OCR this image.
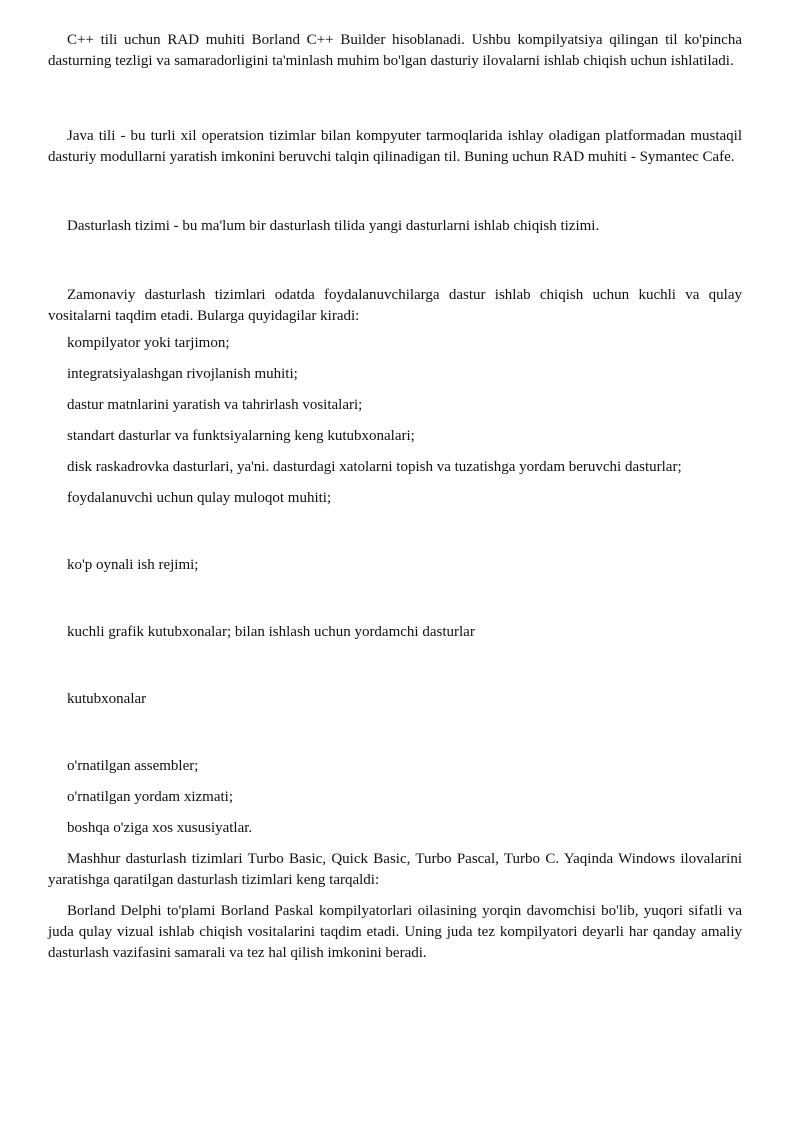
C++ tili uchun RAD muhiti Borland C++ Builder hisoblanadi. Ushbu kompilyatsiya qilingan til ko'pincha dasturning tezligi va samaradorligini ta'minlash muhim bo'lgan dasturiy ilovalarni ishlab chiqish uchun ishlatiladi.

Java tili - bu turli xil operatsion tizimlar bilan kompyuter tarmoqlarida ishlay oladigan platformadan mustaqil dasturiy modullarni yaratish imkonini beruvchi talqin qilinadigan til. Buning uchun RAD muhiti - Symantec Cafe.

Dasturlash tizimi - bu ma'lum bir dasturlash tilida yangi dasturlarni ishlab chiqish tizimi.

Zamonaviy dasturlash tizimlari odatda foydalanuvchilarga dastur ishlab chiqish uchun kuchli va qulay vositalarni taqdim etadi. Bularga quyidagilar kiradi:

kompilyator yoki tarjimon;
integratsiyalashgan rivojlanish muhiti;
dastur matnlarini yaratish va tahrirlash vositalari;
standart dasturlar va funktsiyalarning keng kutubxonalari;
disk raskadrovka dasturlari, ya'ni. dasturdagi xatolarni topish va tuzatishga yordam beruvchi dasturlar;
foydalanuvchi uchun qulay muloqot muhiti;
ko'p oynali ish rejimi;
kuchli grafik kutubxonalar; bilan ishlash uchun yordamchi dasturlar
kutubxonalar
o'rnatilgan assembler;
o'rnatilgan yordam xizmati;
boshqa o'ziga xos xususiyatlar.

Mashhur dasturlash tizimlari Turbo Basic, Quick Basic, Turbo Pascal, Turbo C. Yaqinda Windows ilovalarini yaratishga qaratilgan dasturlash tizimlari keng tarqaldi:

Borland Delphi to'plami Borland Paskal kompilyatorlari oilasining yorqin davomchisi bo'lib, yuqori sifatli va juda qulay vizual ishlab chiqish vositalarini taqdim etadi. Uning juda tez kompilyatori deyarli har qanday amaliy dasturlash vazifasini samarali va tez hal qilish imkonini beradi.
